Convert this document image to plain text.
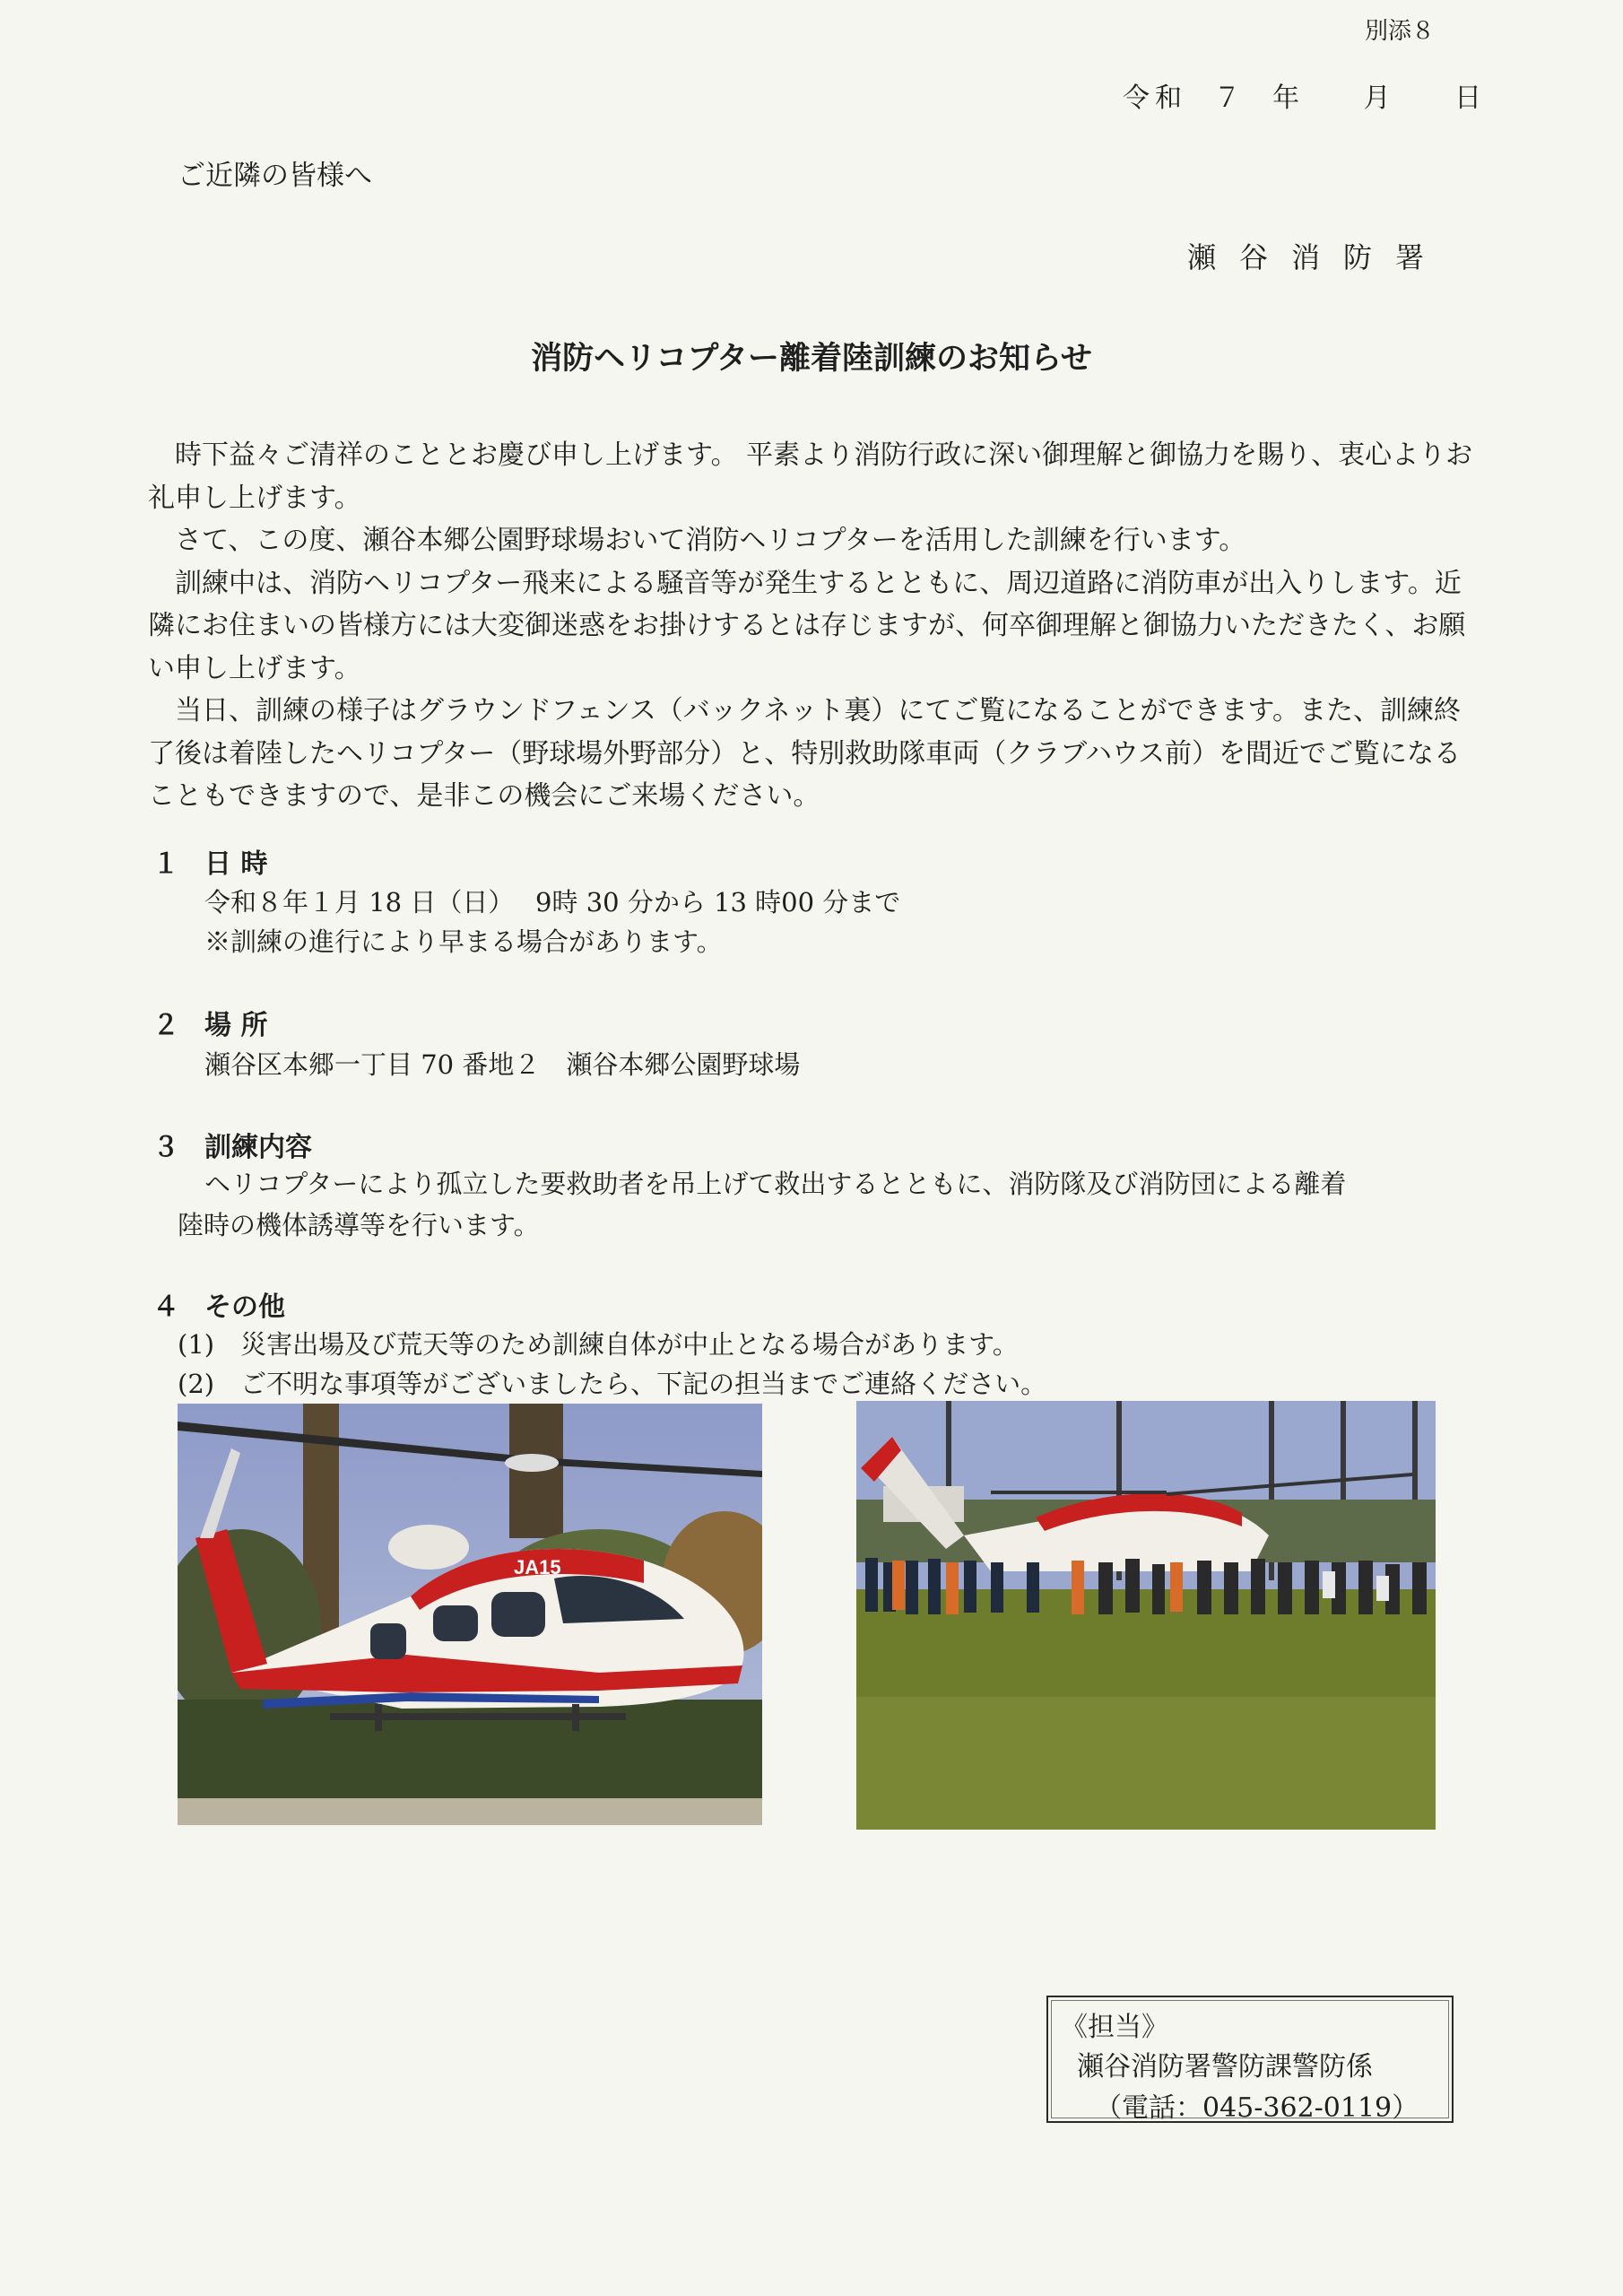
別添８
令和 ７ 年　 月　 日
ご近隣の皆様へ
瀬谷消防署
消防ヘリコプター離着陸訓練のお知らせ

時下益々ご清祥のこととお慶び申し上げます。 平素より消防行政に深い御理解と御協力を賜り、衷心よりお礼申し上げます。

さて、この度、瀬谷本郷公園野球場おいて消防ヘリコプターを活用した訓練を行います。

訓練中は、消防ヘリコプター飛来による騒音等が発生するとともに、周辺道路に消防車が出入りします。近隣にお住まいの皆様方には大変御迷惑をお掛けするとは存じますが、何卒御理解と御協力いただきたく、お願い申し上げます。

当日、訓練の様子はグラウンドフェンス（バックネット裏）にてご覧になることができます。また、訓練終了後は着陸したヘリコプター（野球場外野部分）と、特別救助隊車両（クラブハウス前）を間近でご覧になることもできますので、是非この機会にご来場ください。

１ 日 時
令和８年１月 18 日（日）　 9時 30 分から 13 時00 分まで
※訓練の進行により早まる場合があります。
２ 場 所
瀬谷区本郷一丁目 70 番地２　瀬谷本郷公園野球場
３ 訓練内容
ヘリコプターにより孤立した要救助者を吊上げて救出するとともに、消防隊及び消防団による離着
陸時の機体誘導等を行います。
４ その他
(1)　災害出場及び荒天等のため訓練自体が中止となる場合があります。
(2)　ご不明な事項等がございましたら、下記の担当までご連絡ください。
JA15
《担当》
瀬谷消防署警防課警防係
（電話：045-362-0119）
